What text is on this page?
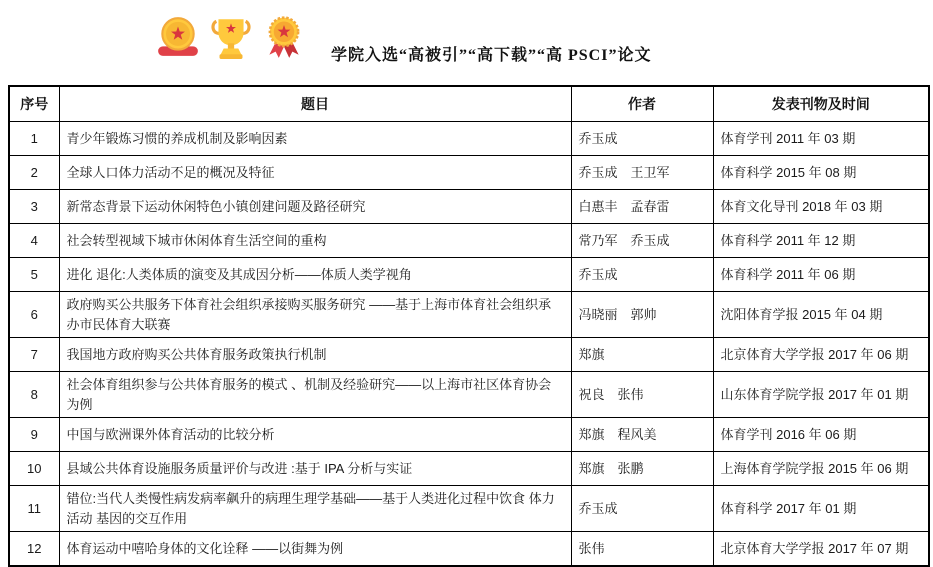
学院入选“高被引”“高下载”“高 PSCI”论文
序号	题目	作者	发表刊物及时间
1	青少年锻炼习惯的养成机制及影响因素	乔玉成	体育学刊 2011 年 03 期
2	全球人口体力活动不足的概况及特征	乔玉成　王卫军	体育科学 2015 年 08 期
3	新常态背景下运动休闲特色小镇创建问题及路径研究	白惠丰　孟春雷	体育文化导刊 2018 年 03 期
4	社会转型视域下城市休闲体育生活空间的重构	常乃军　乔玉成	体育科学 2011 年 12 期
5	进化 退化:人类体质的演变及其成因分析——体质人类学视角	乔玉成	体育科学 2011 年 06 期
6	政府购买公共服务下体育社会组织承接购买服务研究 ——基于上海市体育社会组织承办市民体育大联赛	冯晓丽　郭帅	沈阳体育学报 2015 年 04 期
7	我国地方政府购买公共体育服务政策执行机制	郑旗	北京体育大学学报 2017 年 06 期
8	社会体育组织参与公共体育服务的模式 、机制及经验研究——以上海市社区体育协会为例	祝良　张伟	山东体育学院学报 2017 年 01 期
9	中国与欧洲课外体育活动的比较分析	郑旗　程风美	体育学刊 2016 年 06 期
10	县域公共体育设施服务质量评价与改进 :基于 IPA 分析与实证	郑旗　张鹏	上海体育学院学报 2015 年 06 期
11	错位:当代人类慢性病发病率飙升的病理生理学基础——基于人类进化过程中饮食 体力活动 基因的交互作用	乔玉成	体育科学 2017 年 01 期
12	体育运动中嘻哈身体的文化诠释 ——以街舞为例	张伟	北京体育大学学报 2017 年 07 期
